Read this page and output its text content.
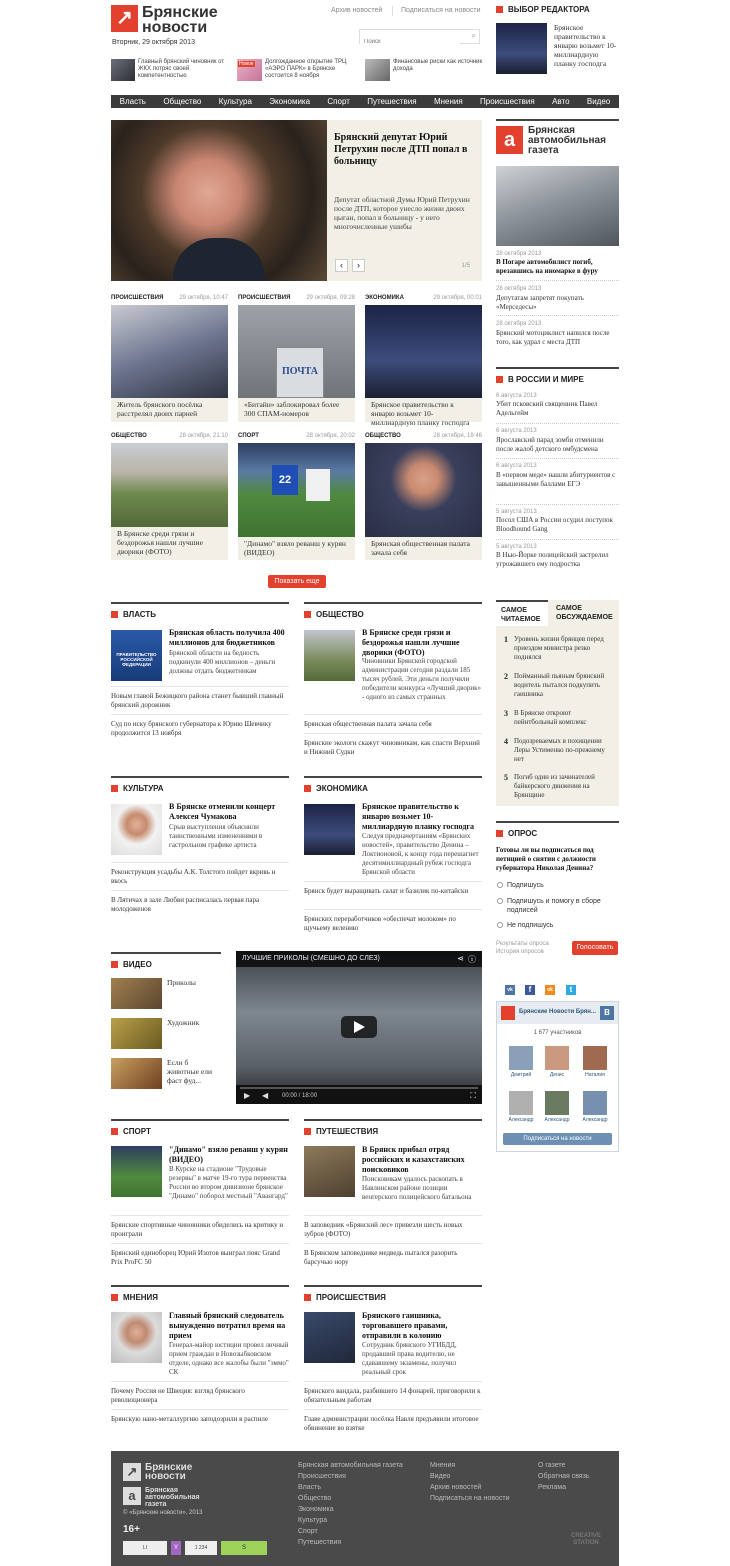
↗ Брянские новости
Вторник, 29 октября 2013
Архив новостей	Подписаться на новости
Поиск
⌕
Главный брянский чиновник от ЖКХ потряс своей компетентностью
Новое Долгожданное открытие ТРЦ «АЭРО ПАРК» в Брянске состоится 8 ноября
Финансовые риски как источник дохода
Власть Общество Культура Экономика Спорт Путешествия Мнения Происшествия Авто Видео
Брянский депутат Юрий Петрухин после ДТП попал в больницу
Депутат областной Думы Юрий Петрухин после ДТП, которое унесло жизни двоих цыган, попал в больницу - у него многочисленные ушибы
‹	›	1/5
ПРОИСШЕСТВИЯ	29 октября, 10:47
Житель брянского посёлка расстрелял двоих парней
ПРОИСШЕСТВИЯ	29 октября, 09:28
ПОЧТА
«Битайн» заблокировал более 300 СПАМ-номеров
ЭКОНОМИКА	29 октября, 00:01
Брянское правительство к январю возьмет 10-миллиардную планку господга
ОБЩЕСТВО	28 октября, 21:10
В Брянске среди грязи и бездорожья нашли лучшие дворики (ФОТО)
СПОРТ	28 октября, 20:02
22
"Динамо" взяло реванш у курян (ВИДЕО)
ОБЩЕСТВО	28 октября, 19:46
Брянская общественная палата зачала себя
Показать еще
ВЛАСТЬ
ПРАВИТЕЛЬСТВО РОССИЙСКОЙ ФЕДЕРАЦИИ
Брянская область получила 400 миллионов для бюджетников
Брянской области на бедность подкинули 400 миллионов – деньги должны отдать бюджетникам
Новым главой Бежицкого района станет бывший главный брянский дорожник
Суд по иску брянского губернатора к Юрию Шевчику продолжится 13 ноября
ОБЩЕСТВО
В Брянске среди грязи и бездорожья нашли лучшие дворики (ФОТО)
Чиновники Брянской городской администрации сегодня раздали 185 тысяч рублей. Эти деньги получили победители конкурса «Лучший дворик» - одного из самых странных
Брянская общественная палата зачала себя
Брянские экологи скажут чиновникам, как спасти Верхний и Нижний Судки
КУЛЬТУРА
В Брянске отменили концерт Алексея Чумакова
Срыв выступления объяснили таинственными изменениями в гастрольном графике артиста
Реконструкция усадьбы А.К. Толстого пойдет вкривь и вкось
В Лятичах в зале Любви расписалась первая пара молодоженов
ЭКОНОМИКА
Брянское правительство к январю возьмет 10-миллиардную планку господга
Следуя предначертаниям «Брянских новостей», правительство Денина – Локтионовой, к концу года перешагнет десятимиллиардный рубеж господга Брянской области
Брянск будет выращивать салат и базилик по-китайски
Брянских переработчиков «обеспечат молоком» по щучьему велению
ВИДЕО
Приколы
Художник
Если б животные ели фаст фуд...
ЛУЧШИЕ ПРИКОЛЫ (СМЕШНО ДО СЛЕЗ)	⋖ ⓘ
▶ ◀ 00:00 / 18:00	⛶
СПОРТ
"Динамо" взяло реванш у курян (ВИДЕО)
В Курске на стадионе "Трудовые резервы" в матче 19-го тура первенства России во втором дивизионе брянское "Динамо" поборол местный "Авангард"
Брянские спортивные чиновники обиделись на критику и проиграли
Брянский единоборец Юрий Изотов выиграл пояс Grand Prix ProFC 50
ПУТЕШЕСТВИЯ
В Брянск прибыл отряд российских и казахстанских поисковиков
Поисковикам удалось раскопать в Навлинском районе позиции венгерского полицейского батальона
В заповедник «Брянский лес» привезли шесть новых зубров (ФОТО)
В Брянском заповеднике медведь пытался разорить барсучью нору
МНЕНИЯ
Главный брянский следователь вынужденно потратил время на прием
Генерал-майор юстиции провел личный прием граждан в Новозыбковском отделе, однако все жалобы были "эммо" СК
Почему Россия не Швеция: взгляд брянского революционера
Брянскую нано-металлургию заподозрили в распиле
ПРОИСШЕСТВИЯ
Брянского гаишника, торговавшего правами, отправили в колонию
Сотрудник брянского УГИБДД, продавший права водителю, не сдававшему экзамены, получил реальный срок
Брянского вандала, разбившего 14 фонарей, приговорили к обязательным работам
Главе администрации посёлка Навля предъявили итоговое обвинение во взятке
ВЫБОР РЕДАКТОРА
Брянское правительство к январю возьмет 10-миллиардную планку господга
a	Брянская автомобильная газета
28 октября 2013
В Погаре автомобилист погиб, врезавшись на иномарке в фуру
28 октября 2013
Депутатам запретят покупать «Мерседесы»
28 октября 2013
Брянский мотоциклист напился после того, как удрал с места ДТП
В РОССИИ И МИРЕ
6 августа 2013
Убит псковский священник Павел Адельгейм
6 августа 2013
Ярославский парад зомби отменили после жалоб детского омбудсмена
6 августа 2013
В «первом меде» нашли абитуриентов с завышенными баллами ЕГЭ
5 августа 2013
Посол США в России осудил поступок Bloodhound Gang
5 августа 2013
В Нью-Йорке полицейский застрелил угрожавшего ему подростка
САМОЕ ЧИТАЕМОЕ
САМОЕ ОБСУЖДАЕМОЕ
1 Уровень жизни брянцев перед приездом министра резко поднялся
2 Пойманный пьяным брянский водитель пытался подкупить гаишника
3 В Брянске откроют пейнтбольный комплекс
4 Подозреваемых в похищении Леры Устименко по-прежнему нет
5 Погиб один из зачинателей байкерского движения на Брянщине
ОПРОС
Готовы ли вы подписаться под петицией о снятии с должности губернатора Николая Денина?
Подпишусь
Подпишусь и помогу в сборе подписей
Не подпишусь
Результаты опроса
История опросов
Голосовать
vk	f	ok	t
Брянские Новости Брян...	В
1 677 участников
Дмитрий	Денис	Наталия
Александр	Александр	Александр
Подписаться на новости
↗ Брянские новости
a	Брянская автомобильная газета
© «Брянские новости», 2013
16+
LI	Y	1 234	S
Брянская автомобильная газета
Происшествия
Власть
Общество
Экономика
Культура
Спорт
Путешествия
Мнения
Видео
Архив новостей
Подписаться на новости
О газете
Обратная связь
Реклама
CREATIVE STATION
